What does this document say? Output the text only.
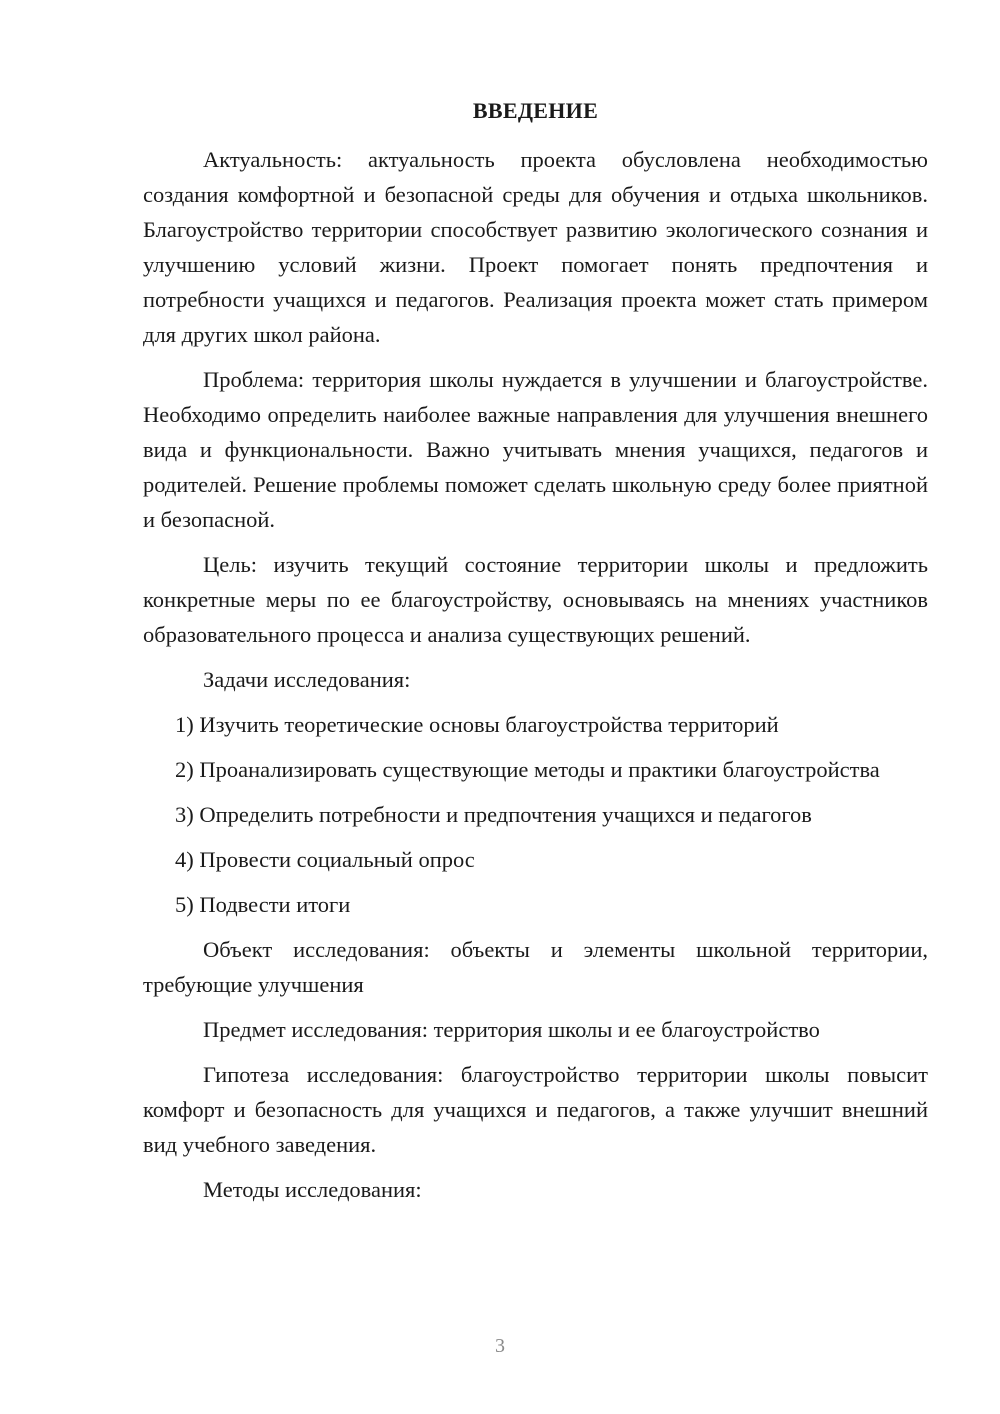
ВВЕДЕНИЕ

Актуальность: актуальность проекта обусловлена необходимостью создания комфортной и безопасной среды для обучения и отдыха школьников. Благоустройство территории способствует развитию экологического сознания и улучшению условий жизни. Проект помогает понять предпочтения и потребности учащихся и педагогов. Реализация проекта может стать примером для других школ района.

Проблема: территория школы нуждается в улучшении и благоустройстве. Необходимо определить наиболее важные направления для улучшения внешнего вида и функциональности. Важно учитывать мнения учащихся, педагогов и родителей. Решение проблемы поможет сделать школьную среду более приятной и безопасной.

Цель: изучить текущий состояние территории школы и предложить конкретные меры по ее благоустройству, основываясь на мнениях участников образовательного процесса и анализа существующих решений.

Задачи исследования:

1) Изучить теоретические основы благоустройства территорий

2) Проанализировать существующие методы и практики благоустройства

3) Определить потребности и предпочтения учащихся и педагогов

4) Провести социальный опрос

5) Подвести итоги

Объект исследования: объекты и элементы школьной территории, требующие улучшения

Предмет исследования: территория школы и ее благоустройство

Гипотеза исследования: благоустройство территории школы повысит комфорт и безопасность для учащихся и педагогов, а также улучшит внешний вид учебного заведения.

Методы исследования:

3
